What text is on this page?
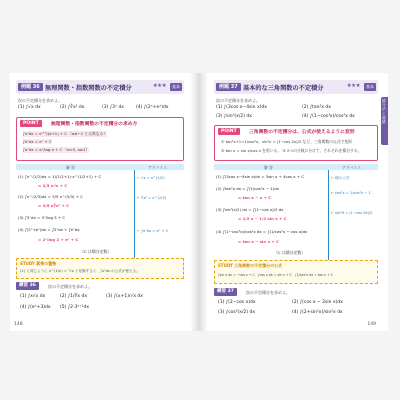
例題 36 無理関数・指数関数の不定積分	★★★	基本
次の不定積分を求めよ。
(1) ∫√x dx	(2) ∫∛x² dx	(3) ∫3ˣ dx	(4) ∫(2ˣ+eˣ)dx
POINT	無理関数・指数関数の不定積分の求め方
∫xᵅdx = xᵅ⁺¹/(α+1) + C （α≠−1 とは異なる）
∫eˣdx = eˣ + C
∫aˣdx = aˣ/log a + C （a>0, a≠1）
解 答	アドバイス
(1) ∫x^(1/2)dx = 1/(1/2+1)·x^(1/2+1) + C
= 2/3 x√x + C
(2) ∫x^(2/3)dx = 3/5 x^(5/3) + C
= 3/5 x∛x² + C
(3) ∫3ˣdx = 3ˣ/log 3 + C
(4) ∫(2ˣ+eˣ)dx = ∫2ˣdx + ∫eˣdx
= 2ˣ/log 2 + eˣ + C
（C は積分定数）
← √x = x^(1/2)
← ∛x² = x^(2/3)
← ∫eˣdx = eˣ + C
STUDY 累乗の置換
(1) と同じように x^(1/n) = ⁿ√x と変換すると、∫xⁿdx の公式が使える。
練習 36	次の不定積分を求めよ。
(1) ∫x√x dx	(2) ∫1/∛x dx	(3) ∫(x+1)/√x dx
(4) ∫(eˣ+3)dx (5) ∫2·3ˣ⁺¹dx
148
例題 37 基本的な三角関数の不定積分	★★★	基本
積分法と面積
次の不定積分を求めよ。
(1) ∫(3cos x−4sin x)dx	(2) ∫tan²x dx
(3) ∫sin²(x/2) dx	(4) ∫(1−cos³x)/cos²x dx
POINT	三角関数の不定積分は、公式が使えるように変形
① tan²x+1=1/cos²x、sin²x = (1−cos 2x)/2 など、三角関数の公式で変形
② tan x = sin x/cos x を用いる。 ③ 2つの分数に分けて、それぞれを積分する。
解 答	アドバイス
(1) ∫(3cos x−4sin x)dx = 3sin x + 4cos x + C
(2) ∫tan²x dx = ∫(1/cos²x − 1)dx
= tan x − x + C
(3) ∫sin²(x/2) dx = ∫(1−cos x)/2 dx
= 1/2 x − 1/2 sin x + C
(4) ∫(1−cos³x)/cos²x dx = ∫(1/cos²x − cos x)dx
= tan x − sin x + C
（C は積分定数）
← 積の公式
← tan²x = 1/cos²x − 1
← sin²θ = (1−cos 2θ)/2
STUDY 三角関数の不定積分の公式
∫sin x dx = −cos x + C、∫cos x dx = sin x + C、∫1/cos²x dx = tan x + C
練習 37	次の不定積分を求めよ。
(1) ∫(2−cos x)dx	(2) ∫(cos x − 2sin x)dx
(3) ∫cos²(x/2) dx	(4) ∫(2+sin²x)/sin²x dx
149
